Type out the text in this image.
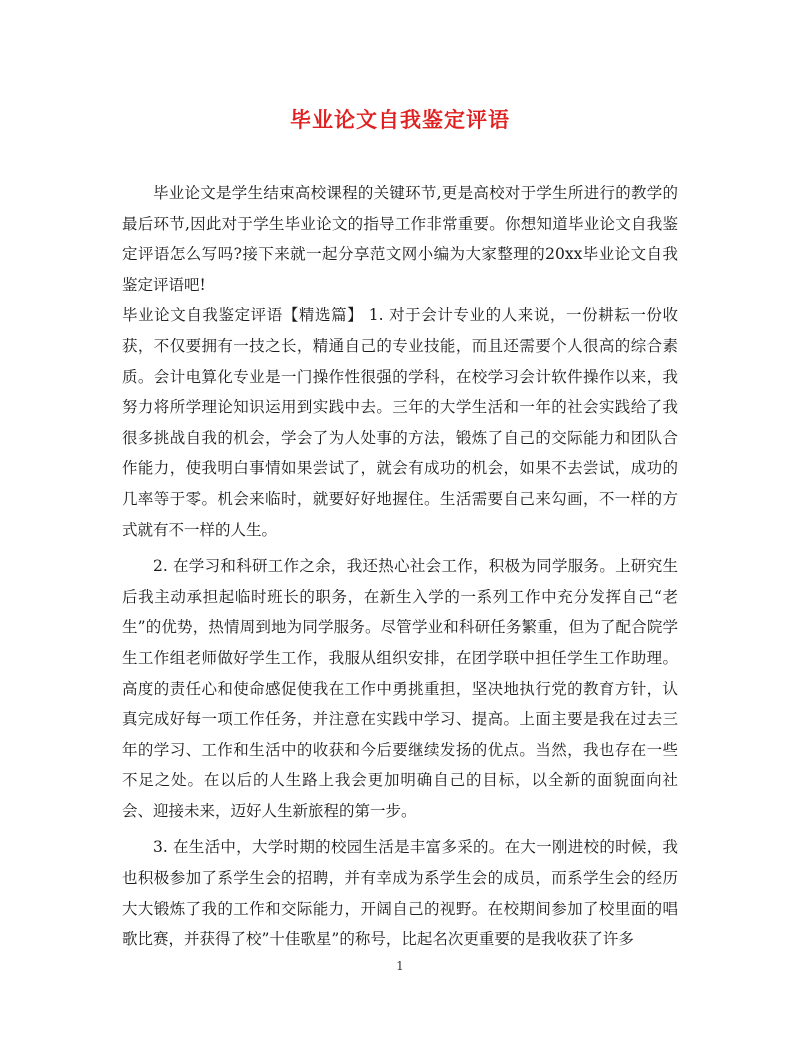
毕业论文自我鉴定评语

毕业论文是学生结束高校课程的关键环节,更是高校对于学生所进行的教学的最后环节,因此对于学生毕业论文的指导工作非常重要。你想知道毕业论文自我鉴定评语怎么写吗?接下来就一起分享范文网小编为大家整理的20xx毕业论文自我鉴定评语吧!

毕业论文自我鉴定评语【精选篇】 1. 对于会计专业的人来说，一份耕耘一份收获，不仅要拥有一技之长，精通自己的专业技能，而且还需要个人很高的综合素质。会计电算化专业是一门操作性很强的学科，在校学习会计软件操作以来，我努力将所学理论知识运用到实践中去。三年的大学生活和一年的社会实践给了我很多挑战自我的机会，学会了为人处事的方法，锻炼了自己的交际能力和团队合作能力，使我明白事情如果尝试了，就会有成功的机会，如果不去尝试，成功的几率等于零。机会来临时，就要好好地握住。生活需要自己来勾画，不一样的方式就有不一样的人生。

2. 在学习和科研工作之余，我还热心社会工作，积极为同学服务。上研究生后我主动承担起临时班长的职务，在新生入学的一系列工作中充分发挥自己“老生”的优势，热情周到地为同学服务。尽管学业和科研任务繁重，但为了配合院学生工作组老师做好学生工作，我服从组织安排，在团学联中担任学生工作助理。高度的责任心和使命感促使我在工作中勇挑重担，坚决地执行党的教育方针，认真完成好每一项工作任务，并注意在实践中学习、提高。上面主要是我在过去三年的学习、工作和生活中的收获和今后要继续发扬的优点。当然，我也存在一些不足之处。在以后的人生路上我会更加明确自己的目标，以全新的面貌面向社会、迎接未来，迈好人生新旅程的第一步。

3. 在生活中，大学时期的校园生活是丰富多采的。在大一刚进校的时候，我也积极参加了系学生会的招聘，并有幸成为系学生会的成员，而系学生会的经历大大锻炼了我的工作和交际能力，开阔自己的视野。在校期间参加了校里面的唱歌比赛，并获得了校”十佳歌星”的称号，比起名次更重要的是我收获了许多

1
